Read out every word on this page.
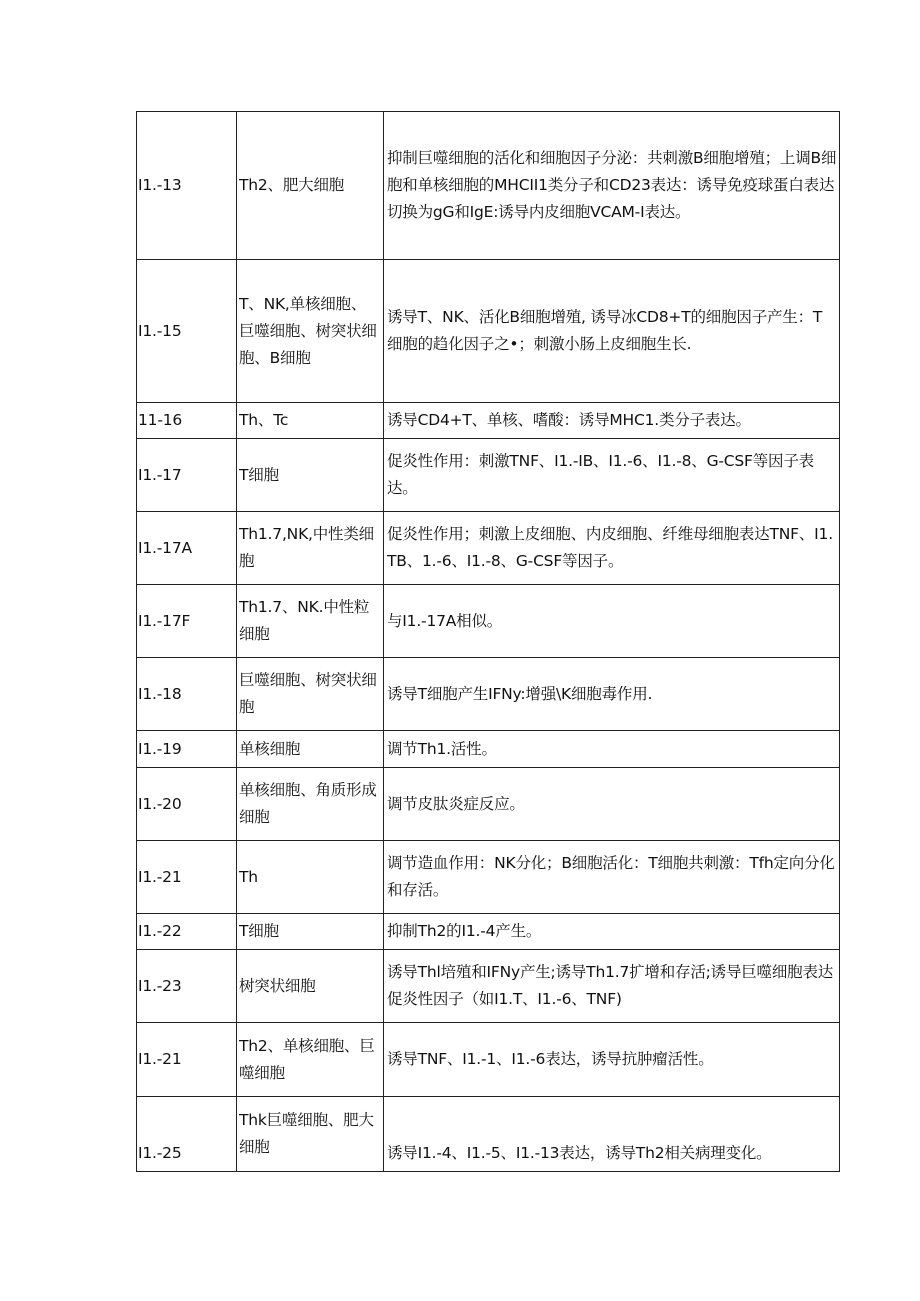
I1.-13	Th2、肥大细胞	抑制巨噬细胞的活化和细胞因子分泌：共刺激B细胞增殖；上调B细胞和单核细胞的MHCII1类分子和CD23表达：诱导免疫球蛋白表达切换为gG和IgE:诱导内皮细胞VCAM-I表达。
I1.-15	T、NK,单核细胞、巨噬细胞、树突状细胞、B细胞	诱导T、NK、活化B细胞增殖, 诱导冰CD8+T的细胞因子产生：T细胞的趋化因子之•；刺激小肠上皮细胞生长.
11-16	Th、Tc	诱导CD4+T、单核、嗜酸：诱导MHC1.类分子表达。
I1.-17	T细胞	促炎性作用：刺激TNF、I1.-IB、I1.-6、I1.-8、G-CSF等因子表达。
I1.-17A	Th1.7,NK,中性类细胞	促炎性作用；刺激上皮细胞、内皮细胞、纤维母细胞表达TNF、I1.TB、1.-6、I1.-8、G-CSF等因子。
I1.-17F	Th1.7、NK.中性粒细胞	与I1.-17A相似。
I1.-18	巨噬细胞、树突状细胞	诱导T细胞产生IFNy:增强\K细胞毒作用.
I1.-19	单核细胞	调节Th1.活性。
I1.-20	单核细胞、角质形成细胞	调节皮肽炎症反应。
I1.-21	Th	调节造血作用：NK分化；B细胞活化：T细胞共刺激：Tfh定向分化和存活。
I1.-22	T细胞	抑制Th2的I1.-4产生。
I1.-23	树突状细胞	诱导Thl培殖和IFNy产生;诱导Th1.7扩增和存活;诱导巨噬细胞表达促炎性因子（如I1.T、I1.-6、TNF)
I1.-21	Th2、单核细胞、巨噬细胞	诱导TNF、I1.-1、I1.-6表达，诱导抗肿瘤活性。
I1.-25	Thk巨噬细胞、肥大细胞	诱导I1.-4、I1.-5、I1.-13表达，诱导Th2相关病理变化。
